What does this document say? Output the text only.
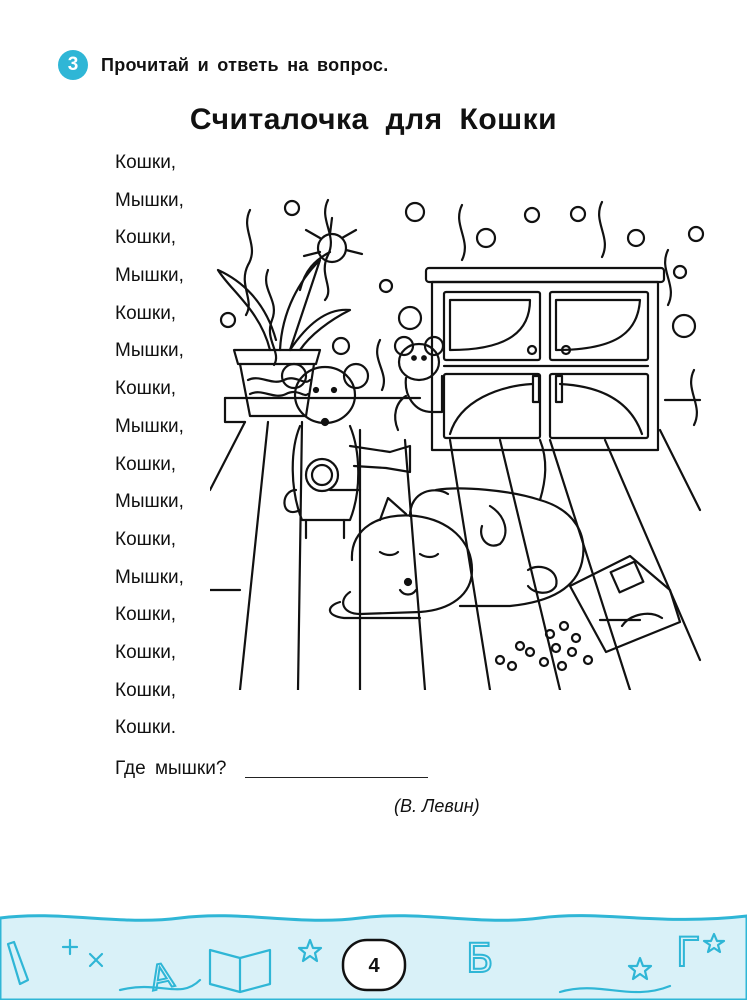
3	Прочитай и ответь на вопрос.
Считалочка для Кошки
Кошки,
Мышки,
Кошки,
Мышки,
Кошки,
Мышки,
Кошки,
Мышки,
Кошки,
Мышки,
Кошки,
Мышки,
Кошки,
Кошки,
Кошки,
Кошки.
Где мышки?
(В. Левин)
А	Б	Г
4
